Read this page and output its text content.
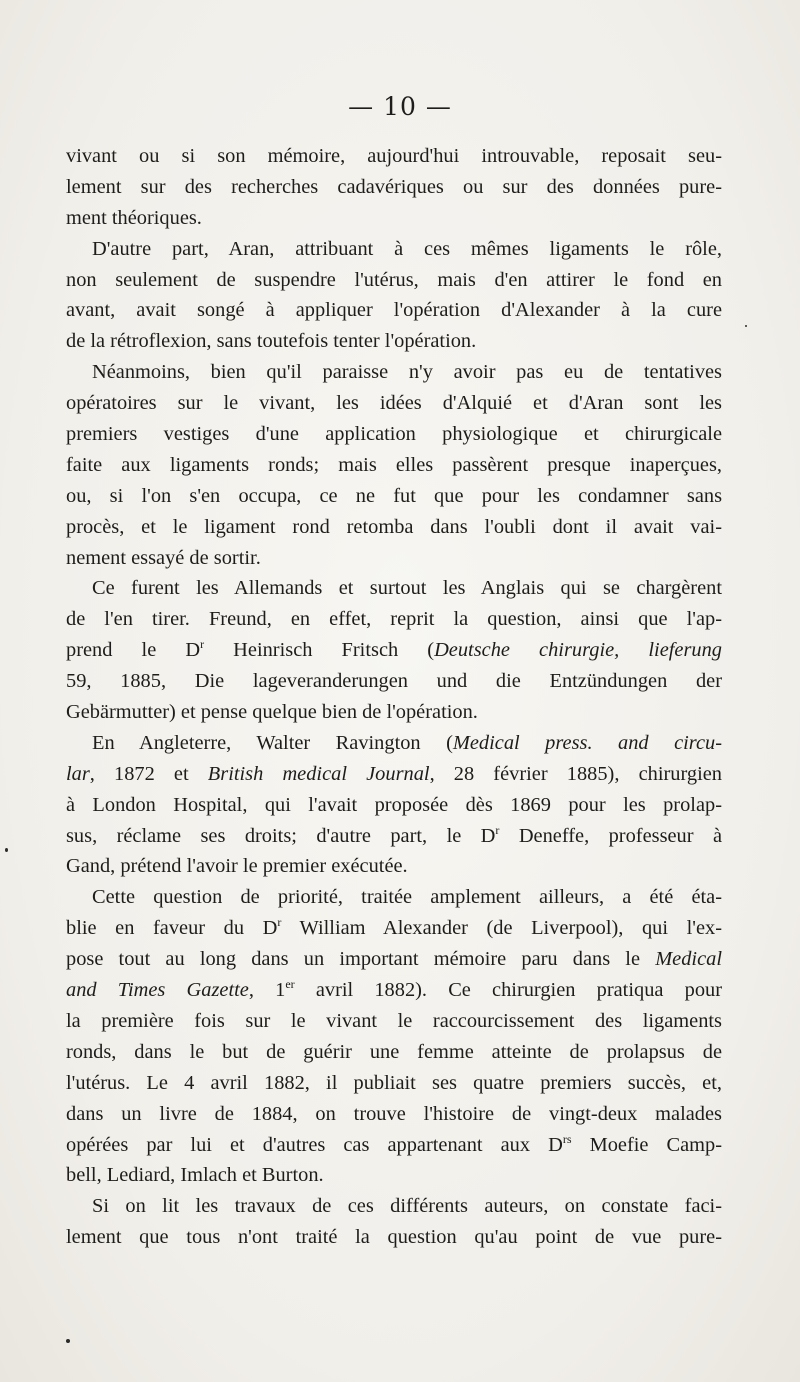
— 10 —
vivant ou si son mémoire, aujourd'hui introuvable, reposait seu-
lement sur des recherches cadavériques ou sur des données pure-
ment théoriques.
D'autre part, Aran, attribuant à ces mêmes ligaments le rôle,
non seulement de suspendre l'utérus, mais d'en attirer le fond en
avant, avait songé à appliquer l'opération d'Alexander à la cure
de la rétroflexion, sans toutefois tenter l'opération.
Néanmoins, bien qu'il paraisse n'y avoir pas eu de tentatives
opératoires sur le vivant, les idées d'Alquié et d'Aran sont les
premiers vestiges d'une application physiologique et chirurgicale
faite aux ligaments ronds; mais elles passèrent presque inaperçues,
ou, si l'on s'en occupa, ce ne fut que pour les condamner sans
procès, et le ligament rond retomba dans l'oubli dont il avait vai-
nement essayé de sortir.
Ce furent les Allemands et surtout les Anglais qui se chargèrent
de l'en tirer. Freund, en effet, reprit la question, ainsi que l'ap-
prend le $D^r$ Heinrisch Fritsch (Deutsche chirurgie, lieferung
59, 1885, Die lageveranderungen und die Entzündungen der
Gebärmutter) et pense quelque bien de l'opération.
En Angleterre, Walter Ravington (Medical press. and circu-
lar, 1872 et British medical Journal, 28 février 1885), chirurgien
à London Hospital, qui l'avait proposée dès 1869 pour les prolap-
sus, réclame ses droits; d'autre part, le $D^r$ Deneffe, professeur à
Gand, prétend l'avoir le premier exécutée.
Cette question de priorité, traitée amplement ailleurs, a été éta-
blie en faveur du $D^r$ William Alexander (de Liverpool), qui l'ex-
pose tout au long dans un important mémoire paru dans le Medical
and Times Gazette, 1er avril 1882). Ce chirurgien pratiqua pour
la première fois sur le vivant le raccourcissement des ligaments
ronds, dans le but de guérir une femme atteinte de prolapsus de
l'utérus. Le 4 avril 1882, il publiait ses quatre premiers succès, et,
dans un livre de 1884, on trouve l'histoire de vingt-deux malades
opérées par lui et d'autres cas appartenant aux $D^{rs}$ Moefie Camp-
bell, Lediard, Imlach et Burton.
Si on lit les travaux de ces différents auteurs, on constate faci-
lement que tous n'ont traité la question qu'au point de vue pure-
